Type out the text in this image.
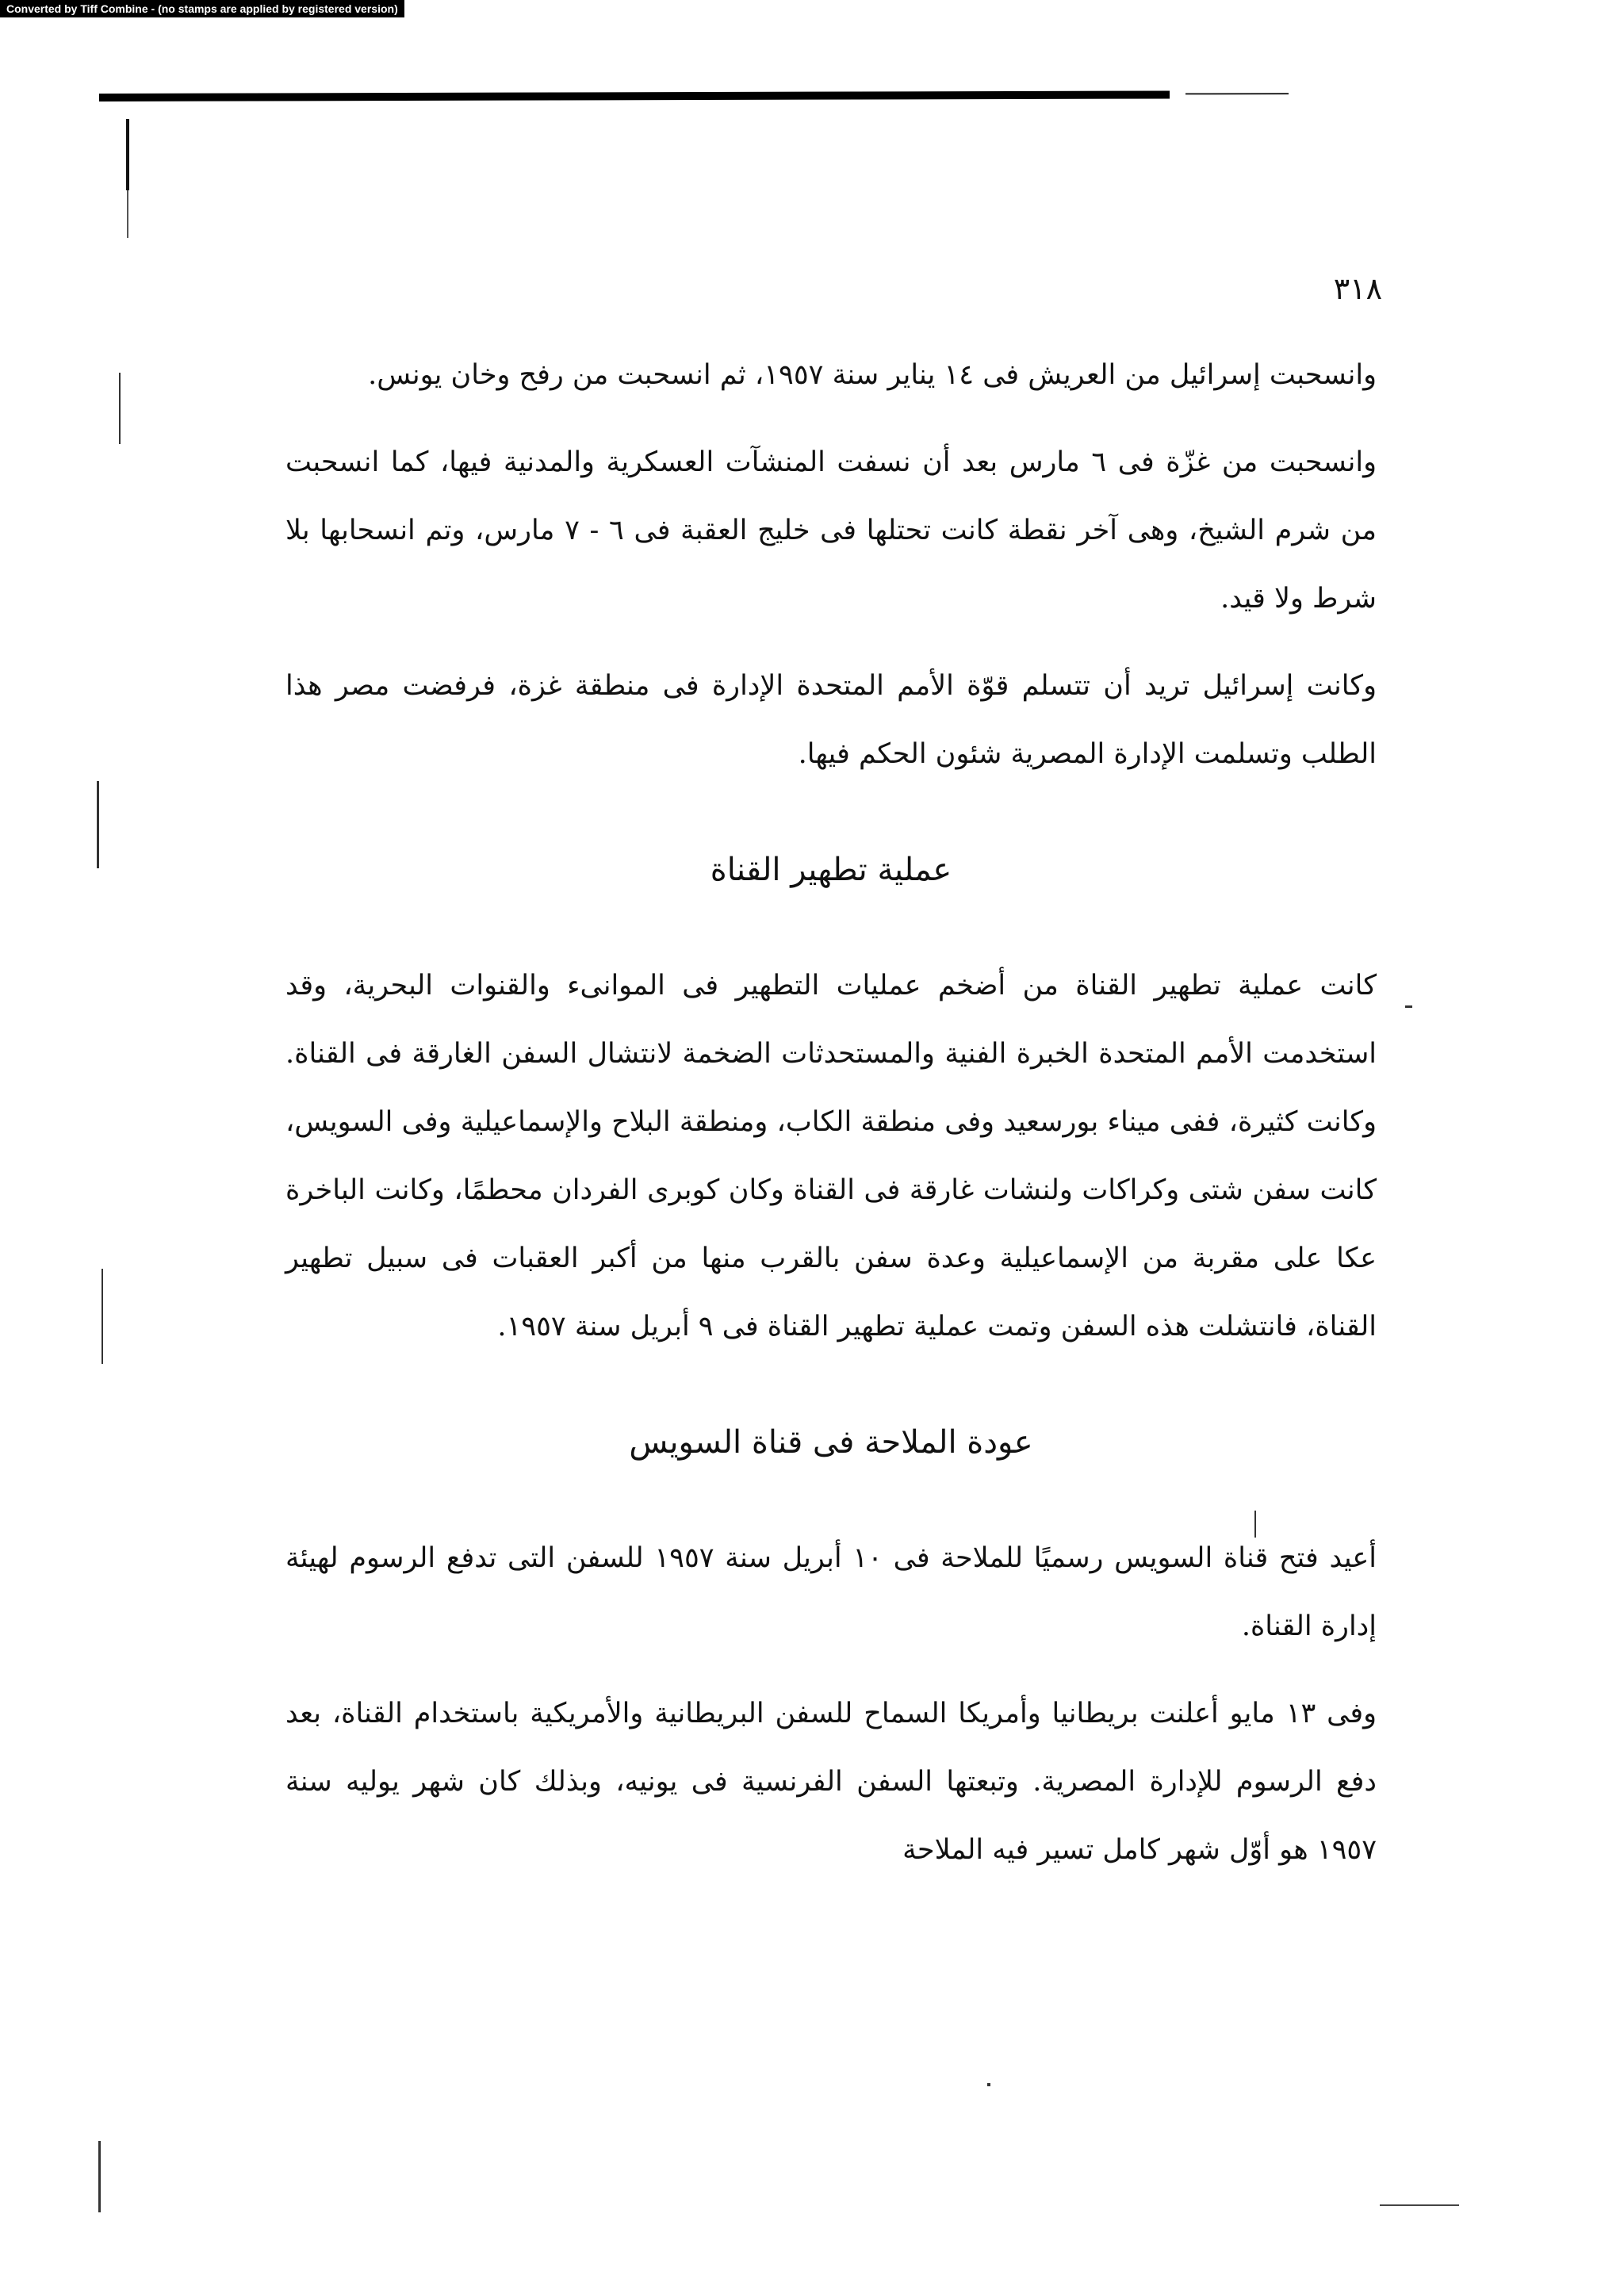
Converted by Tiff Combine - (no stamps are applied by registered version)

٣١٨

وانسحبت إسرائيل من العريش فى ١٤ يناير سنة ١٩٥٧، ثم انسحبت من رفح وخان يونس.

وانسحبت من غزّة فى ٦ مارس بعد أن نسفت المنشآت العسكرية والمدنية فيها، كما انسحبت من شرم الشيخ، وهى آخر نقطة كانت تحتلها فى خليج العقبة فى ٦ - ٧ مارس، وتم انسحابها بلا شرط ولا قيد.

وكانت إسرائيل تريد أن تتسلم قوّة الأمم المتحدة الإدارة فى منطقة غزة، فرفضت مصر هذا الطلب وتسلمت الإدارة المصرية شئون الحكم فيها.

عملية تطهير القناة

كانت عملية تطهير القناة من أضخم عمليات التطهير فى الموانىء والقنوات البحرية، وقد استخدمت الأمم المتحدة الخبرة الفنية والمستحدثات الضخمة لانتشال السفن الغارقة فى القناة. وكانت كثيرة، ففى ميناء بورسعيد وفى منطقة الكاب، ومنطقة البلاح والإسماعيلية وفى السويس، كانت سفن شتى وكراكات ولنشات غارقة فى القناة وكان كوبرى الفردان محطمًا، وكانت الباخرة عكا على مقربة من الإسماعيلية وعدة سفن بالقرب منها من أكبر العقبات فى سبيل تطهير القناة، فانتشلت هذه السفن وتمت عملية تطهير القناة فى ٩ أبريل سنة ١٩٥٧.

عودة الملاحة فى قناة السويس

أعيد فتح قناة السويس رسميًا للملاحة فى ١٠ أبريل سنة ١٩٥٧ للسفن التى تدفع الرسوم لهيئة إدارة القناة.

وفى ١٣ مايو أعلنت بريطانيا وأمريكا السماح للسفن البريطانية والأمريكية باستخدام القناة، بعد دفع الرسوم للإدارة المصرية. وتبعتها السفن الفرنسية فى يونيه، وبذلك كان شهر يوليه سنة ١٩٥٧ هو أوّل شهر كامل تسير فيه الملاحة
